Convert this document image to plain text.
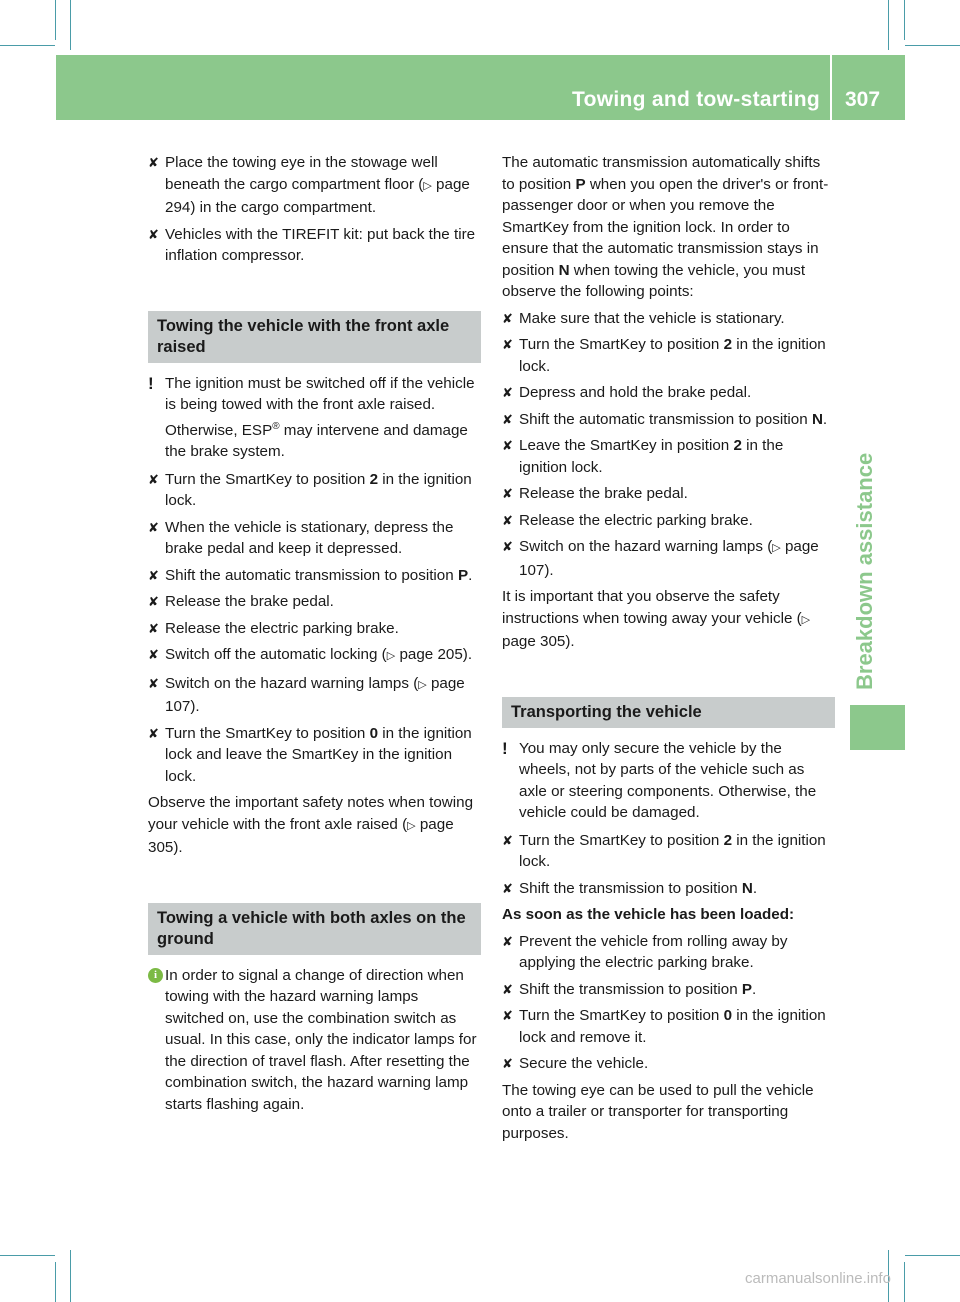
Towing and tow-starting 307
Breakdown assistance
✘ Place the towing eye in the stowage well beneath the cargo compartment floor (▷ page 294) in the cargo compartment.
✘ Vehicles with the TIREFIT kit: put back the tire inflation compressor.
Towing the vehicle with the front axle raised
! The ignition must be switched off if the vehicle is being towed with the front axle raised. Otherwise, ESP® may intervene and damage the brake system.
✘ Turn the SmartKey to position 2 in the ignition lock.
✘ When the vehicle is stationary, depress the brake pedal and keep it depressed.
✘ Shift the automatic transmission to position P.
✘ Release the brake pedal.
✘ Release the electric parking brake.
✘ Switch off the automatic locking (▷ page 205).
✘ Switch on the hazard warning lamps (▷ page 107).
✘ Turn the SmartKey to position 0 in the ignition lock and leave the SmartKey in the ignition lock.
Observe the important safety notes when towing your vehicle with the front axle raised (▷ page 305).
Towing a vehicle with both axles on the ground
i In order to signal a change of direction when towing with the hazard warning lamps switched on, use the combination switch as usual. In this case, only the indicator lamps for the direction of travel flash. After resetting the combination switch, the hazard warning lamp starts flashing again.
The automatic transmission automatically shifts to position P when you open the driver's or front-passenger door or when you remove the SmartKey from the ignition lock. In order to ensure that the automatic transmission stays in position N when towing the vehicle, you must observe the following points:
✘ Make sure that the vehicle is stationary.
✘ Turn the SmartKey to position 2 in the ignition lock.
✘ Depress and hold the brake pedal.
✘ Shift the automatic transmission to position N.
✘ Leave the SmartKey in position 2 in the ignition lock.
✘ Release the brake pedal.
✘ Release the electric parking brake.
✘ Switch on the hazard warning lamps (▷ page 107).
It is important that you observe the safety instructions when towing away your vehicle (▷ page 305).
Transporting the vehicle
! You may only secure the vehicle by the wheels, not by parts of the vehicle such as axle or steering components. Otherwise, the vehicle could be damaged.
✘ Turn the SmartKey to position 2 in the ignition lock.
✘ Shift the transmission to position N.
As soon as the vehicle has been loaded:
✘ Prevent the vehicle from rolling away by applying the electric parking brake.
✘ Shift the transmission to position P.
✘ Turn the SmartKey to position 0 in the ignition lock and remove it.
✘ Secure the vehicle.
The towing eye can be used to pull the vehicle onto a trailer or transporter for transporting purposes.
carmanualsonline.info
